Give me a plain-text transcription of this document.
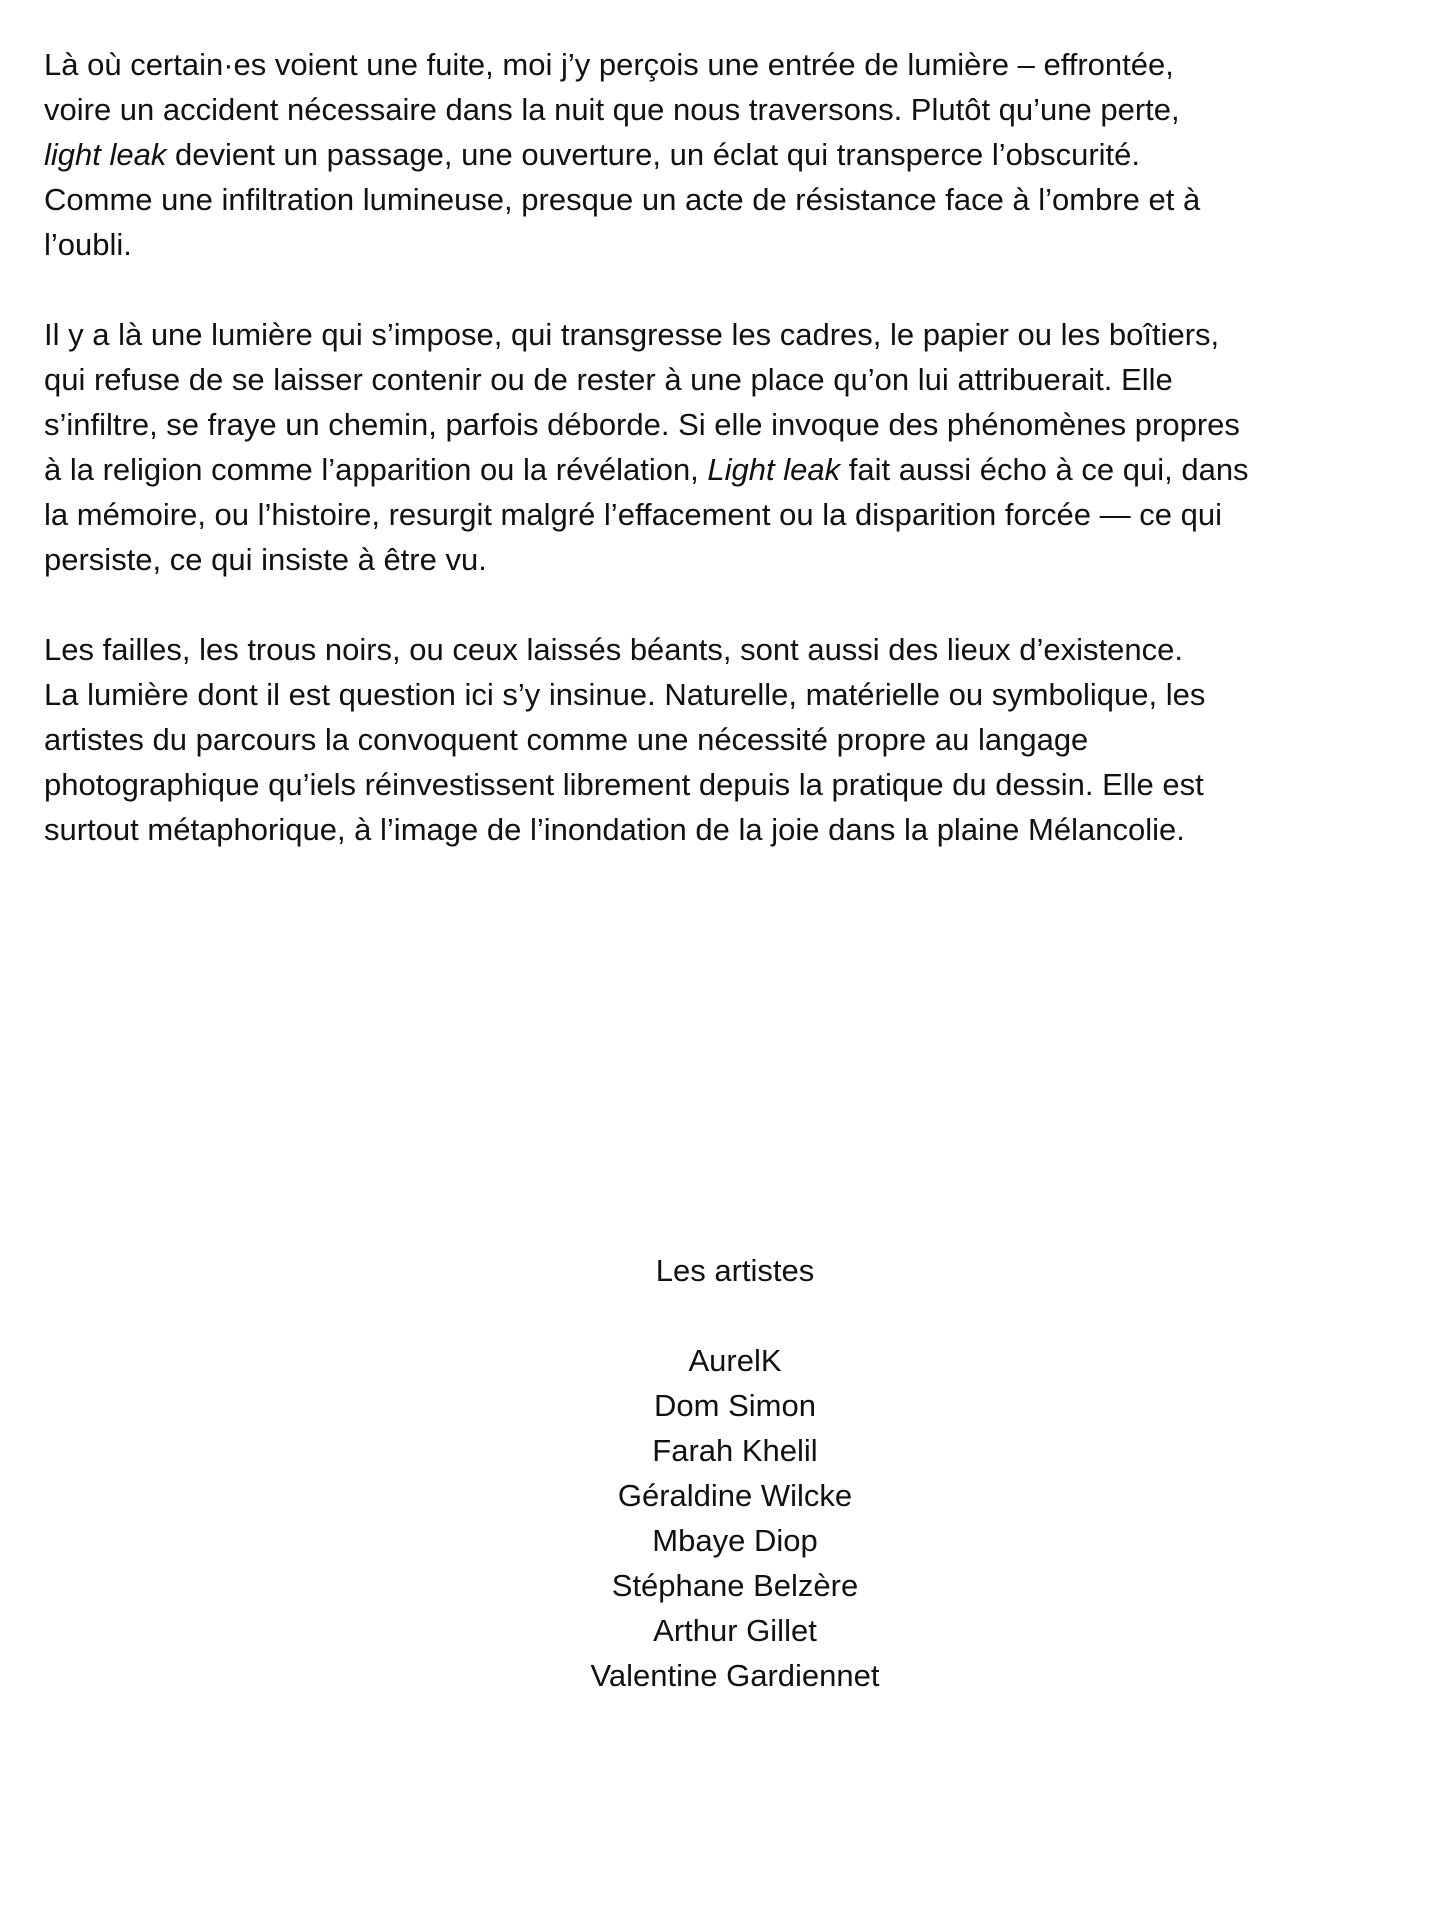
Là où certain·es voient une fuite, moi j’y perçois une entrée de lumière – effrontée,
voire un accident nécessaire dans la nuit que nous traversons. Plutôt qu’une perte,
light leak devient un passage, une ouverture, un éclat qui transperce l’obscurité.
Comme une infiltration lumineuse, presque un acte de résistance face à l’ombre et à
l’oubli.

Il y a là une lumière qui s’impose, qui transgresse les cadres, le papier ou les boîtiers,
qui refuse de se laisser contenir ou de rester à une place qu’on lui attribuerait. Elle
s’infiltre, se fraye un chemin, parfois déborde. Si elle invoque des phénomènes propres
à la religion comme l’apparition ou la révélation, Light leak fait aussi écho à ce qui, dans
la mémoire, ou l’histoire, resurgit malgré l’effacement ou la disparition forcée — ce qui
persiste, ce qui insiste à être vu.

Les failles, les trous noirs, ou ceux laissés béants, sont aussi des lieux d’existence.
La lumière dont il est question ici s’y insinue. Naturelle, matérielle ou symbolique, les
artistes du parcours la convoquent comme une nécessité propre au langage
photographique qu’iels réinvestissent librement depuis la pratique du dessin. Elle est
surtout métaphorique, à l’image de l’inondation de la joie dans la plaine Mélancolie.

Les artistes
AurelK
Dom Simon
Farah Khelil
Géraldine Wilcke
Mbaye Diop
Stéphane Belzère
Arthur Gillet
Valentine Gardiennet
